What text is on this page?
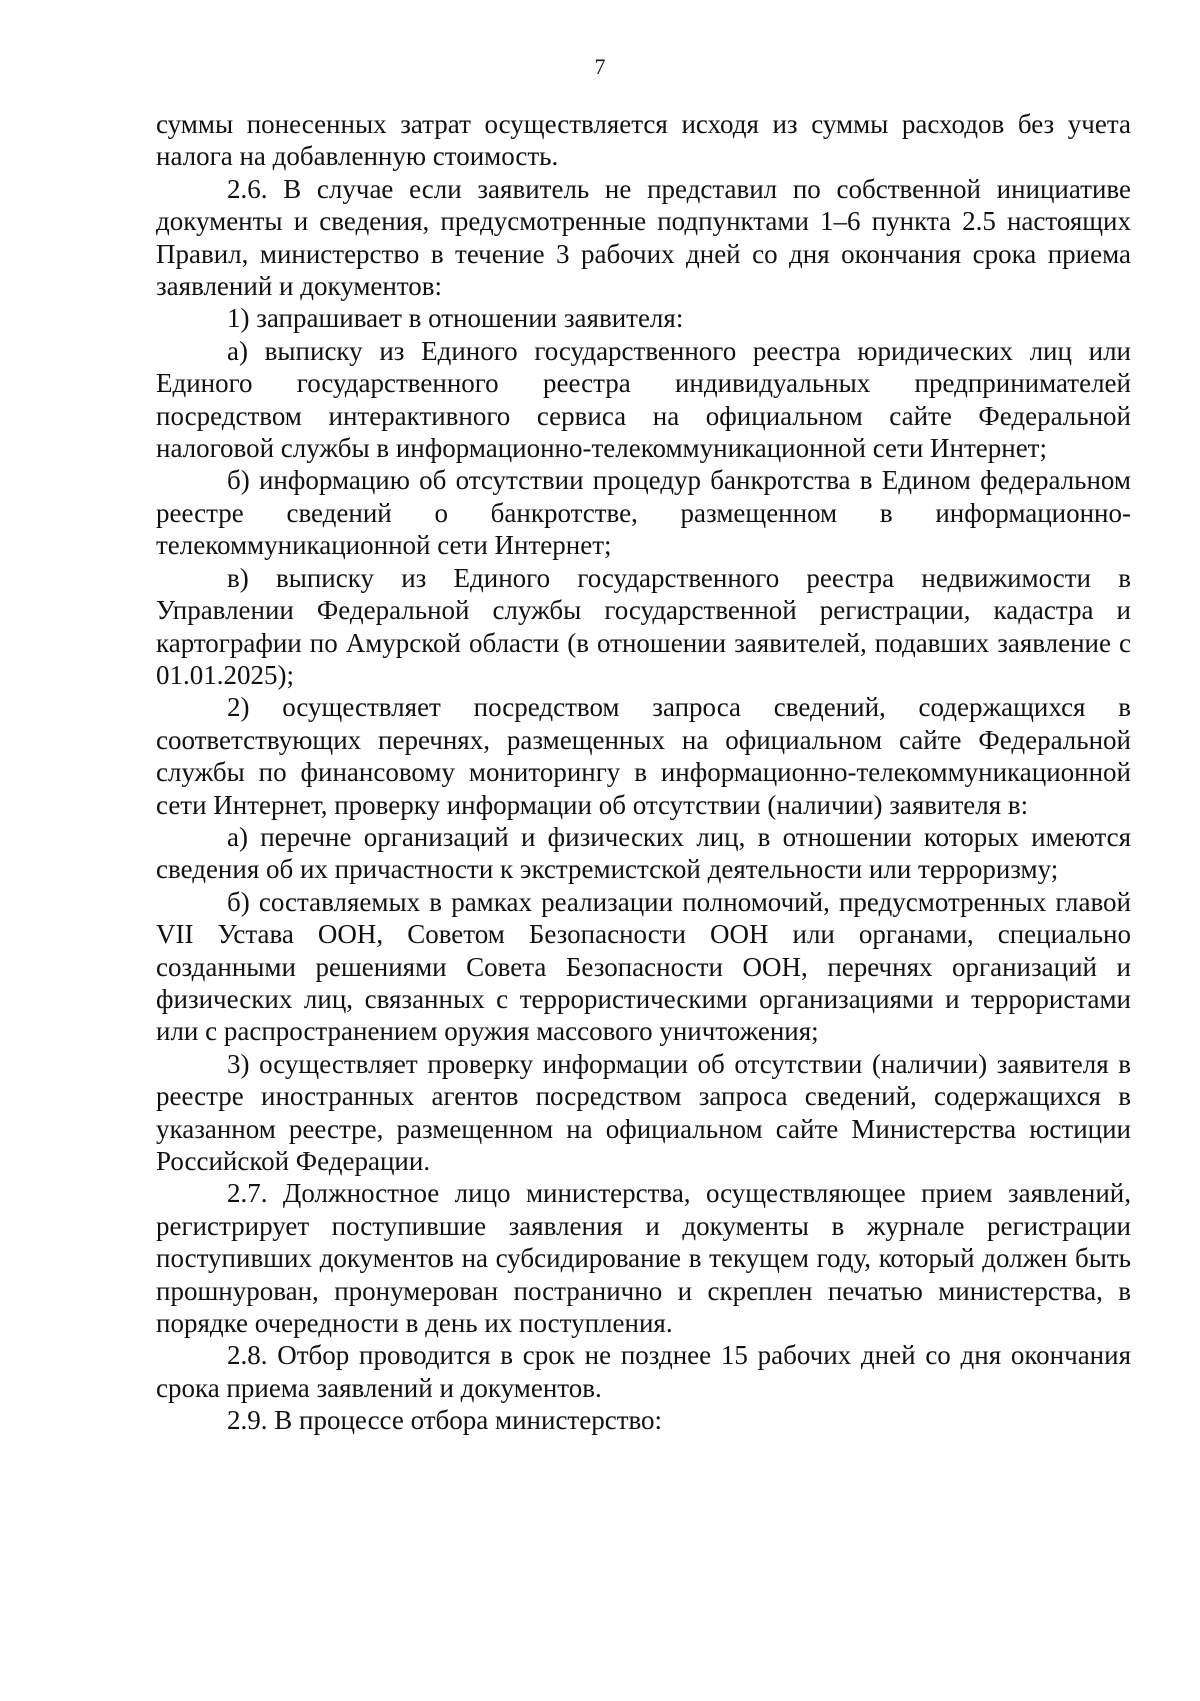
7

суммы понесенных затрат осуществляется исходя из суммы расходов без учета налога на добавленную стоимость.

2.6. В случае если заявитель не представил по собственной инициативе документы и сведения, предусмотренные подпунктами 1–6 пункта 2.5 настоящих Правил, министерство в течение 3 рабочих дней со дня окончания срока приема заявлений и документов:

1) запрашивает в отношении заявителя:

а) выписку из Единого государственного реестра юридических лиц или Единого государственного реестра индивидуальных предпринимателей посредством интерактивного сервиса на официальном сайте Федеральной налоговой службы в информационно-телекоммуникационной сети Интернет;

б) информацию об отсутствии процедур банкротства в Едином федеральном реестре сведений о банкротстве, размещенном в информационно-телекоммуникационной сети Интернет;

в) выписку из Единого государственного реестра недвижимости в Управлении Федеральной службы государственной регистрации, кадастра и картографии по Амурской области (в отношении заявителей, подавших заявление с 01.01.2025);

2) осуществляет посредством запроса сведений, содержащихся в соответствующих перечнях, размещенных на официальном сайте Федеральной службы по финансовому мониторингу в информационно-телекоммуникационной сети Интернет, проверку информации об отсутствии (наличии) заявителя в:

а) перечне организаций и физических лиц, в отношении которых имеются сведения об их причастности к экстремистской деятельности или терроризму;

б) составляемых в рамках реализации полномочий, предусмотренных главой VII Устава ООН, Советом Безопасности ООН или органами, специально созданными решениями Совета Безопасности ООН, перечнях организаций и физических лиц, связанных с террористическими организациями и террористами или с распространением оружия массового уничтожения;

3) осуществляет проверку информации об отсутствии (наличии) заявителя в реестре иностранных агентов посредством запроса сведений, содержащихся в указанном реестре, размещенном на официальном сайте Министерства юстиции Российской Федерации.

2.7. Должностное лицо министерства, осуществляющее прием заявлений, регистрирует поступившие заявления и документы в журнале регистрации поступивших документов на субсидирование в текущем году, который должен быть прошнурован, пронумерован постранично и скреплен печатью министерства, в порядке очередности в день их поступления.

2.8. Отбор проводится в срок не позднее 15 рабочих дней со дня окончания срока приема заявлений и документов.

2.9. В процессе отбора министерство:
